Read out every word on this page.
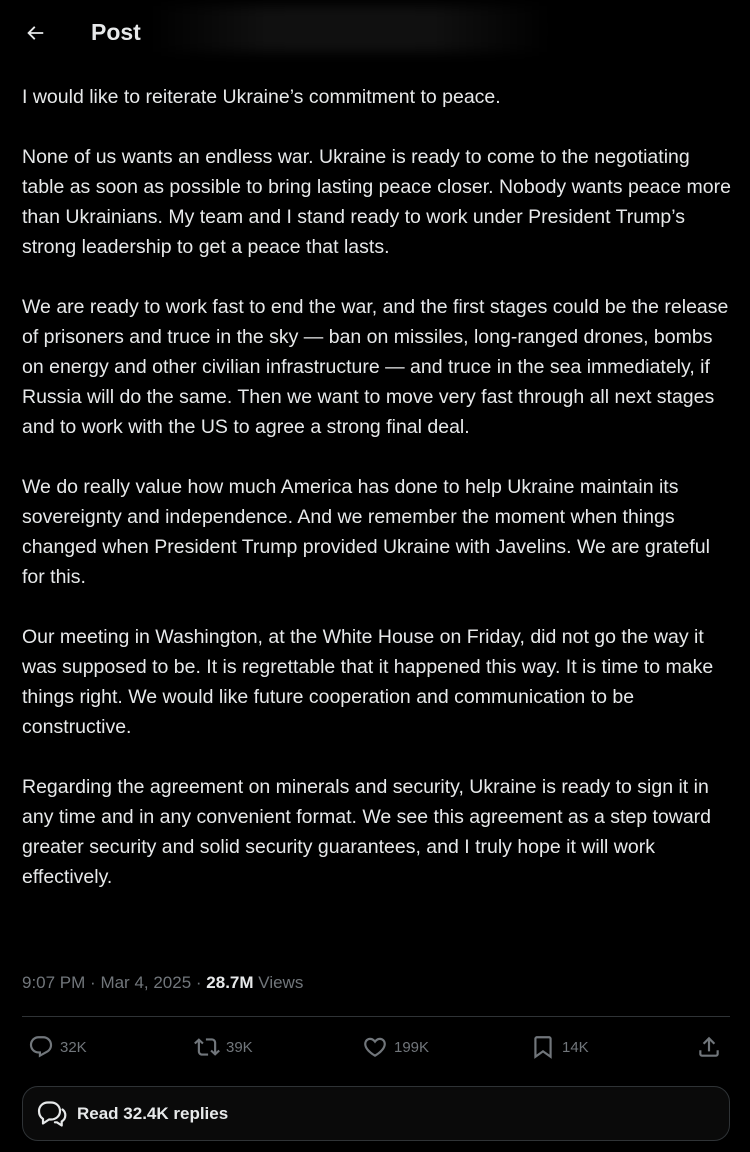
Post

I would like to reiterate Ukraine’s commitment to peace.

None of us wants an endless war. Ukraine is ready to come to the negotiating table as soon as possible to bring lasting peace closer. Nobody wants peace more than Ukrainians. My team and I stand ready to work under President Trump’s strong leadership to get a peace that lasts.

We are ready to work fast to end the war, and the first stages could be the release of prisoners and truce in the sky — ban on missiles, long-ranged drones, bombs on energy and other civilian infrastructure — and truce in the sea immediately, if Russia will do the same. Then we want to move very fast through all next stages and to work with the US to agree a strong final deal.

We do really value how much America has done to help Ukraine maintain its sovereignty and independence. And we remember the moment when things changed when President Trump provided Ukraine with Javelins. We are grateful for this.

Our meeting in Washington, at the White House on Friday, did not go the way it was supposed to be. It is regrettable that it happened this way. It is time to make things right. We would like future cooperation and communication to be constructive.

Regarding the agreement on minerals and security, Ukraine is ready to sign it in any time and in any convenient format. We see this agreement as a step toward greater security and solid security guarantees, and I truly hope it will work effectively.

9:07 PM · Mar 4, 2025 · 28.7M Views
32K	39K	199K	14K
Read 32.4K replies
